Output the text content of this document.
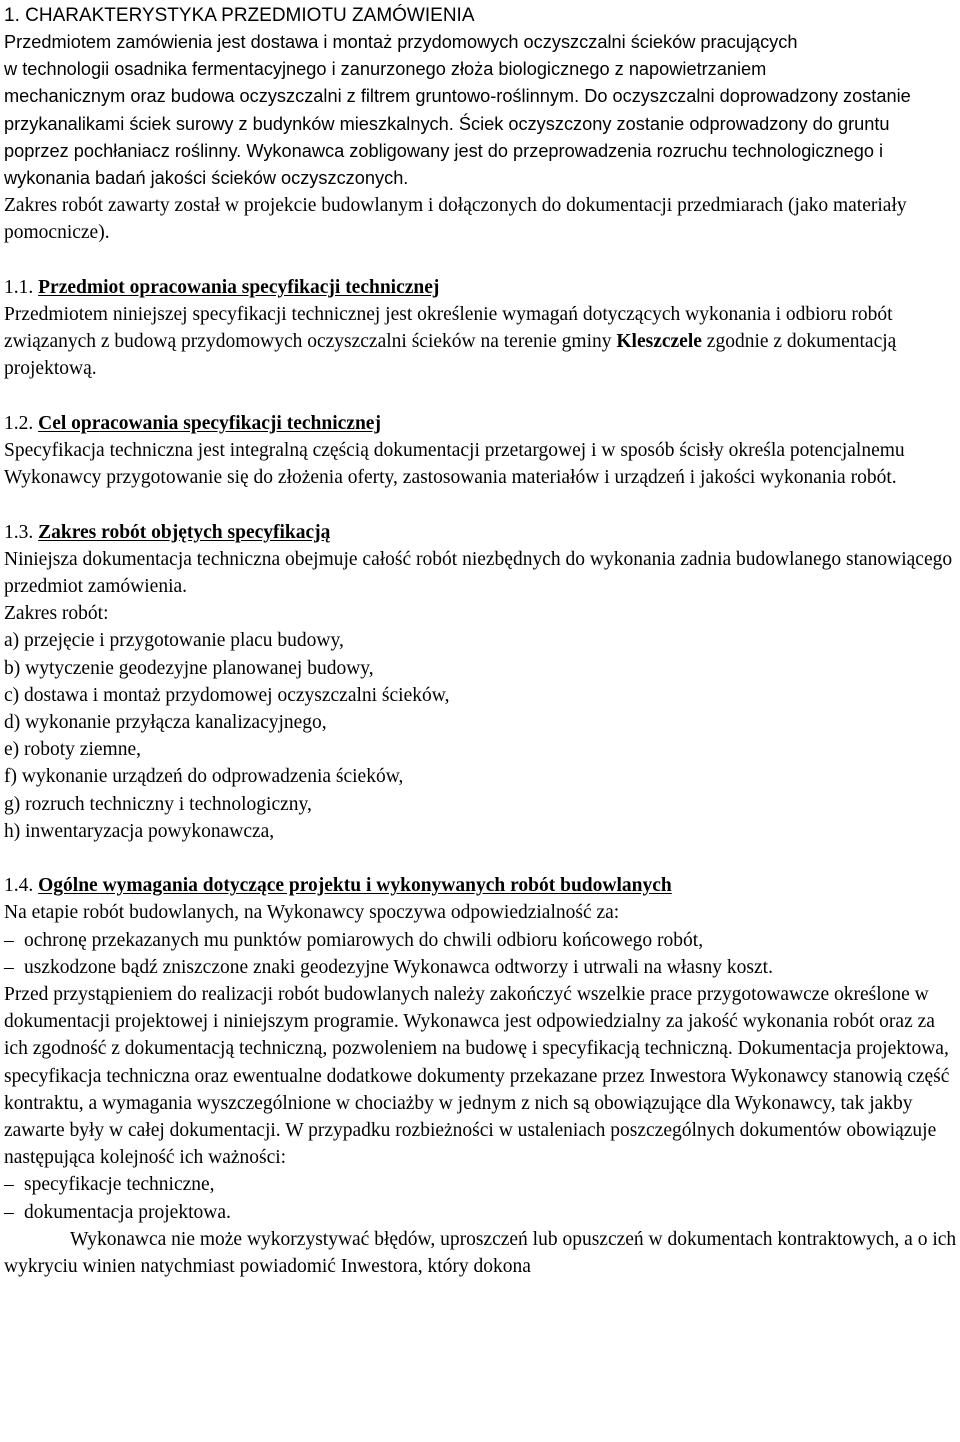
1. CHARAKTERYSTYKA PRZEDMIOTU ZAMÓWIENIA
Przedmiotem zamówienia jest dostawa i montaż przydomowych oczyszczalni ścieków pracujących
w technologii osadnika fermentacyjnego i zanurzonego złoża biologicznego z napowietrzaniem
mechanicznym oraz budowa oczyszczalni z filtrem gruntowo-roślinnym. Do oczyszczalni doprowadzony zostanie przykanalikami ściek surowy z budynków mieszkalnych. Ściek oczyszczony zostanie odprowadzony do gruntu poprzez pochłaniacz roślinny. Wykonawca zobligowany jest do przeprowadzenia rozruchu technologicznego i wykonania badań jakości ścieków oczyszczonych.

Zakres robót zawarty został w projekcie budowlanym i dołączonych do dokumentacji przedmiarach (jako materiały pomocnicze).

1.1. Przedmiot opracowania specyfikacji technicznej

Przedmiotem niniejszej specyfikacji technicznej jest określenie wymagań dotyczących wykonania i odbioru robót związanych z budową przydomowych oczyszczalni ścieków na terenie gminy Kleszczele zgodnie z dokumentacją projektową.

1.2. Cel opracowania specyfikacji technicznej

Specyfikacja techniczna jest integralną częścią dokumentacji przetargowej i w sposób ścisły określa potencjalnemu Wykonawcy przygotowanie się do złożenia oferty, zastosowania materiałów i urządzeń i jakości wykonania robót.

1.3. Zakres robót objętych specyfikacją

Niniejsza dokumentacja techniczna obejmuje całość robót niezbędnych do wykonania zadnia budowlanego stanowiącego przedmiot zamówienia.

Zakres robót:

a) przejęcie i przygotowanie placu budowy,
b) wytyczenie geodezyjne planowanej budowy,
c) dostawa i montaż przydomowej oczyszczalni ścieków,
d) wykonanie przyłącza kanalizacyjnego,
e) roboty ziemne,
f) wykonanie urządzeń do odprowadzenia ścieków,
g) rozruch techniczny i technologiczny,
h) inwentaryzacja powykonawcza,
1.4. Ogólne wymagania dotyczące projektu i wykonywanych robót budowlanych

Na etapie robót budowlanych, na Wykonawcy spoczywa odpowiedzialność za:

– ochronę przekazanych mu punktów pomiarowych do chwili odbioru końcowego robót,
– uszkodzone bądź zniszczone znaki geodezyjne Wykonawca odtworzy i utrwali na własny koszt.

Przed przystąpieniem do realizacji robót budowlanych należy zakończyć wszelkie prace przygotowawcze określone w dokumentacji projektowej i niniejszym programie. Wykonawca jest odpowiedzialny za jakość wykonania robót oraz za ich zgodność z dokumentacją techniczną, pozwoleniem na budowę i specyfikacją techniczną. Dokumentacja projektowa, specyfikacja techniczna oraz ewentualne dodatkowe dokumenty przekazane przez Inwestora Wykonawcy stanowią część kontraktu, a wymagania wyszczególnione w chociażby w jednym z nich są obowiązujące dla Wykonawcy, tak jakby zawarte były w całej dokumentacji. W przypadku rozbieżności w ustaleniach poszczególnych dokumentów obowiązuje następująca kolejność ich ważności:

– specyfikacje techniczne,
– dokumentacja projektowa.

Wykonawca nie może wykorzystywać błędów, uproszczeń lub opuszczeń w dokumentach kontraktowych, a o ich wykryciu winien natychmiast powiadomić Inwestora, który dokona
